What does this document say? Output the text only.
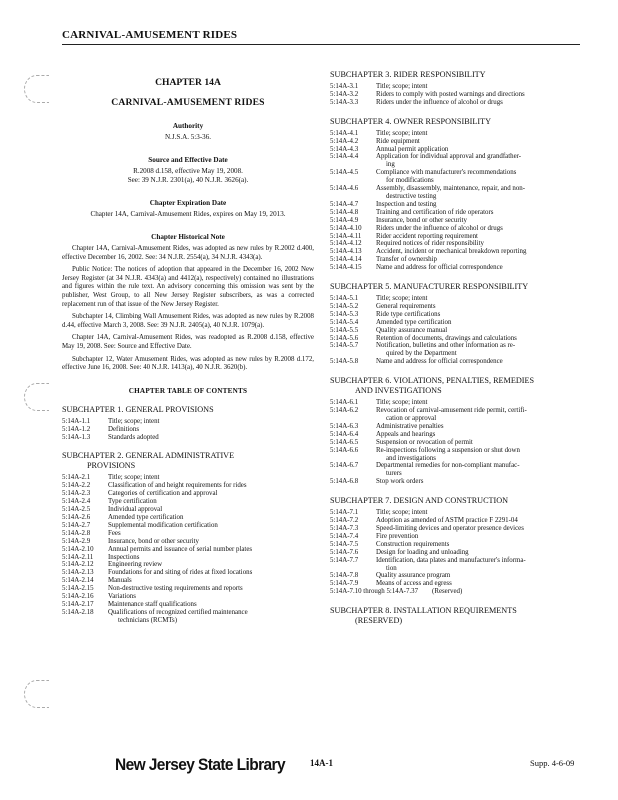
CARNIVAL-AMUSEMENT RIDES
CHAPTER 14A
CARNIVAL-AMUSEMENT RIDES
Authority
N.J.S.A. 5:3-36.
Source and Effective Date
R.2008 d.158, effective May 19, 2008.
See: 39 N.J.R. 2301(a), 40 N.J.R. 3626(a).
Chapter Expiration Date
Chapter 14A, Carnival-Amusement Rides, expires on May 19, 2013.
Chapter Historical Note
Chapter 14A, Carnival-Amusement Rides, was adopted as new rules by R.2002 d.400, effective December 16, 2002. See: 34 N.J.R. 2554(a), 34 N.J.R. 4343(a).
Public Notice: The notices of adoption that appeared in the December 16, 2002 New Jersey Register (at 34 N.J.R. 4343(a) and 4412(a), respectively) contained no illustrations and figures within the rule text. An advisory concerning this omission was sent by the publisher, West Group, to all New Jersey Register subscribers, as was a corrected replacement run of that issue of the New Jersey Register.
Subchapter 14, Climbing Wall Amusement Rides, was adopted as new rules by R.2008 d.44, effective March 3, 2008. See: 39 N.J.R. 2405(a), 40 N.J.R. 1079(a).
Chapter 14A, Carnival-Amusement Rides, was readopted as R.2008 d.158, effective May 19, 2008. See: Source and Effective Date.
Subchapter 12, Water Amusement Rides, was adopted as new rules by R.2008 d.172, effective June 16, 2008. See: 40 N.J.R. 1413(a), 40 N.J.R. 3620(b).
CHAPTER TABLE OF CONTENTS
SUBCHAPTER 1. GENERAL PROVISIONS
5:14A-1.1	Title; scope; intent
5:14A-1.2	Definitions
5:14A-1.3	Standards adopted
SUBCHAPTER 2. GENERAL ADMINISTRATIVE

PROVISIONS
5:14A-2.1	Title; scope; intent
5:14A-2.2	Classification of and height requirements for rides
5:14A-2.3	Categories of certification and approval
5:14A-2.4	Type certification
5:14A-2.5	Individual approval
5:14A-2.6	Amended type certification
5:14A-2.7	Supplemental modification certification
5:14A-2.8	Fees
5:14A-2.9	Insurance, bond or other security
5:14A-2.10	Annual permits and issuance of serial number plates
5:14A-2.11	Inspections
5:14A-2.12	Engineering review
5:14A-2.13	Foundations for and siting of rides at fixed locations
5:14A-2.14	Manuals
5:14A-2.15	Non-destructive testing requirements and reports
5:14A-2.16	Variations
5:14A-2.17	Maintenance staff qualifications
5:14A-2.18	Qualifications of recognized certified maintenance
technicians (RCMTs)
SUBCHAPTER 3. RIDER RESPONSIBILITY
5:14A-3.1	Title; scope; intent
5:14A-3.2	Riders to comply with posted warnings and directions
5:14A-3.3	Riders under the influence of alcohol or drugs
SUBCHAPTER 4. OWNER RESPONSIBILITY
5:14A-4.1	Title; scope; intent
5:14A-4.2	Ride equipment
5:14A-4.3	Annual permit application
5:14A-4.4	Application for individual approval and grandfather-
ing
5:14A-4.5	Compliance with manufacturer's recommendations
for modifications
5:14A-4.6	Assembly, disassembly, maintenance, repair, and non-
destructive testing
5:14A-4.7	Inspection and testing
5:14A-4.8	Training and certification of ride operators
5:14A-4.9	Insurance, bond or other security
5:14A-4.10	Riders under the influence of alcohol or drugs
5:14A-4.11	Rider accident reporting requirement
5:14A-4.12	Required notices of rider responsibility
5:14A-4.13	Accident, incident or mechanical breakdown reporting
5:14A-4.14	Transfer of ownership
5:14A-4.15	Name and address for official correspondence
SUBCHAPTER 5. MANUFACTURER RESPONSIBILITY
5:14A-5.1	Title; scope; intent
5:14A-5.2	General requirements
5:14A-5.3	Ride type certifications
5:14A-5.4	Amended type certification
5:14A-5.5	Quality assurance manual
5:14A-5.6	Retention of documents, drawings and calculations
5:14A-5.7	Notification, bulletins and other information as re-
quired by the Department
5:14A-5.8	Name and address for official correspondence
SUBCHAPTER 6. VIOLATIONS, PENALTIES, REMEDIES

AND INVESTIGATIONS
5:14A-6.1	Title; scope; intent
5:14A-6.2	Revocation of carnival-amusement ride permit, certifi-
cation or approval
5:14A-6.3	Administrative penalties
5:14A-6.4	Appeals and hearings
5:14A-6.5	Suspension or revocation of permit
5:14A-6.6	Re-inspections following a suspension or shut down
and investigations
5:14A-6.7	Departmental remedies for non-compliant manufac-
turers
5:14A-6.8	Stop work orders
SUBCHAPTER 7. DESIGN AND CONSTRUCTION
5:14A-7.1	Title; scope; intent
5:14A-7.2	Adoption as amended of ASTM practice F 2291-04
5:14A-7.3	Speed-limiting devices and operator presence devices
5:14A-7.4	Fire prevention
5:14A-7.5	Construction requirements
5:14A-7.6	Design for loading and unloading
5:14A-7.7	Identification, data plates and manufacturer's informa-
tion
5:14A-7.8	Quality assurance program
5:14A-7.9	Means of access and egress
5:14A-7.10 through 5:14A-7.37 (Reserved)
SUBCHAPTER 8. INSTALLATION REQUIREMENTS

(RESERVED)
New Jersey State Library	14A-1	Supp. 4-6-09
